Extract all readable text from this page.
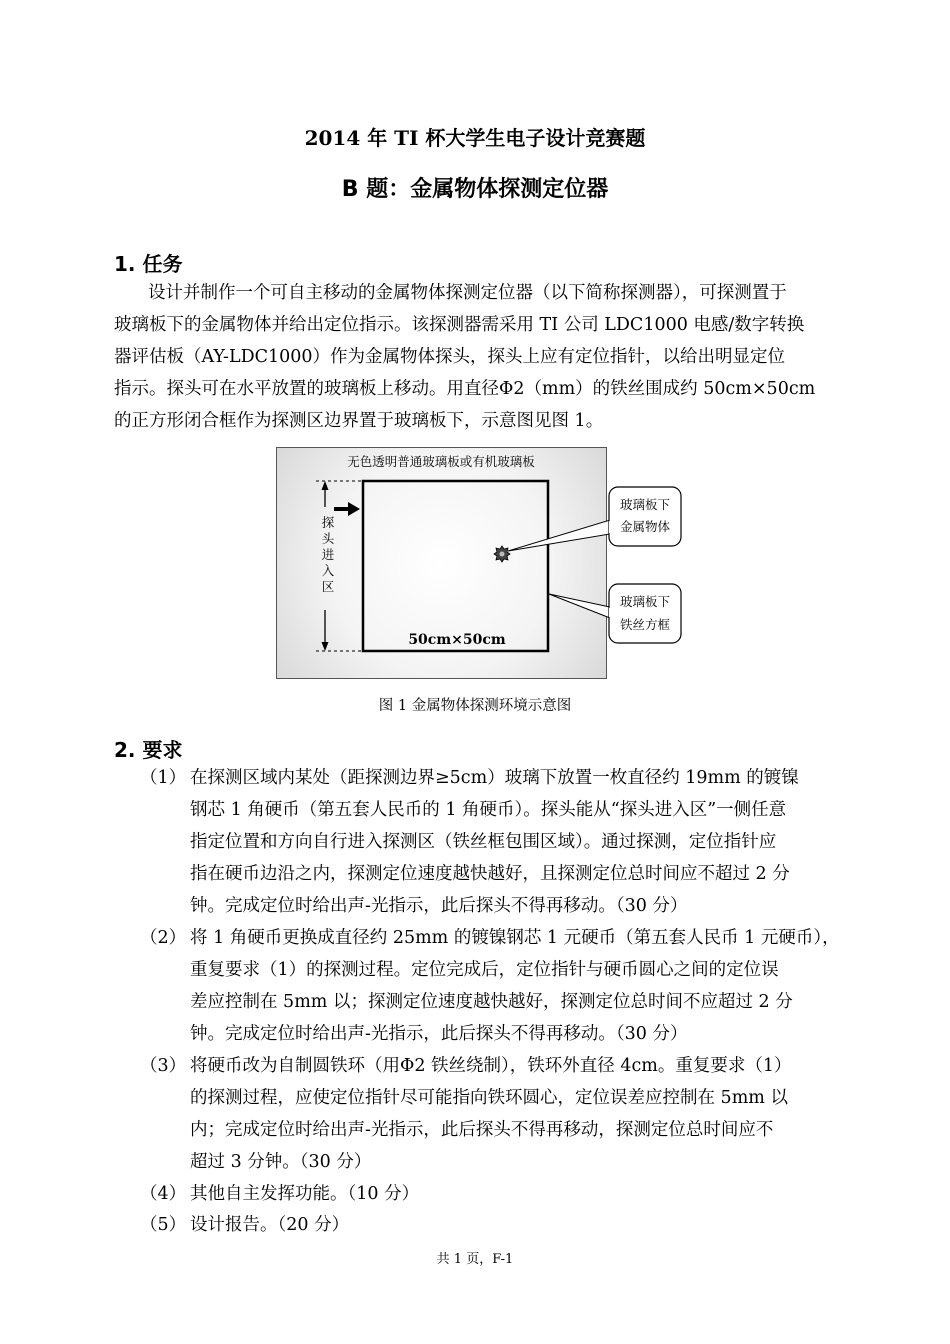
2014 年 TI 杯大学生电子设计竞赛题
B 题：金属物体探测定位器
1. 任务
设计并制作一个可自主移动的金属物体探测定位器（以下简称探测器），可探测置于
玻璃板下的金属物体并给出定位指示。该探测器需采用 TI 公司 LDC1000 电感/数字转换
器评估板（AY-LDC1000）作为金属物体探头，探头上应有定位指针，以给出明显定位
指示。探头可在水平放置的玻璃板上移动。用直径Φ2（mm）的铁丝围成约 50cm×50cm
的正方形闭合框作为探测区边界置于玻璃板下，示意图见图 1。
无色透明普通玻璃板或有机玻璃板
探
头
进
入
区
50cm×50cm
玻璃板下
金属物体
玻璃板下
铁丝方框
图 1 金属物体探测环境示意图
2. 要求
（1） 在探测区域内某处（距探测边界≥5cm）玻璃下放置一枚直径约 19mm 的镀镍
钢芯 1 角硬币（第五套人民币的 1 角硬币）。探头能从“探头进入区”一侧任意
指定位置和方向自行进入探测区（铁丝框包围区域）。通过探测，定位指针应
指在硬币边沿之内，探测定位速度越快越好，且探测定位总时间应不超过 2 分
钟。完成定位时给出声-光指示，此后探头不得再移动。（30 分）
（2） 将 1 角硬币更换成直径约 25mm 的镀镍钢芯 1 元硬币（第五套人民币 1 元硬币），
重复要求（1）的探测过程。定位完成后，定位指针与硬币圆心之间的定位误
差应控制在 5mm 以；探测定位速度越快越好，探测定位总时间不应超过 2 分
钟。完成定位时给出声-光指示，此后探头不得再移动。（30 分）
（3） 将硬币改为自制圆铁环（用Φ2 铁丝绕制），铁环外直径 4cm。重复要求（1）
的探测过程，应使定位指针尽可能指向铁环圆心，定位误差应控制在 5mm 以
内；完成定位时给出声-光指示，此后探头不得再移动，探测定位总时间应不
超过 3 分钟。（30 分）
（4） 其他自主发挥功能。（10 分）
（5） 设计报告。（20 分）
共 1 页，F-1
